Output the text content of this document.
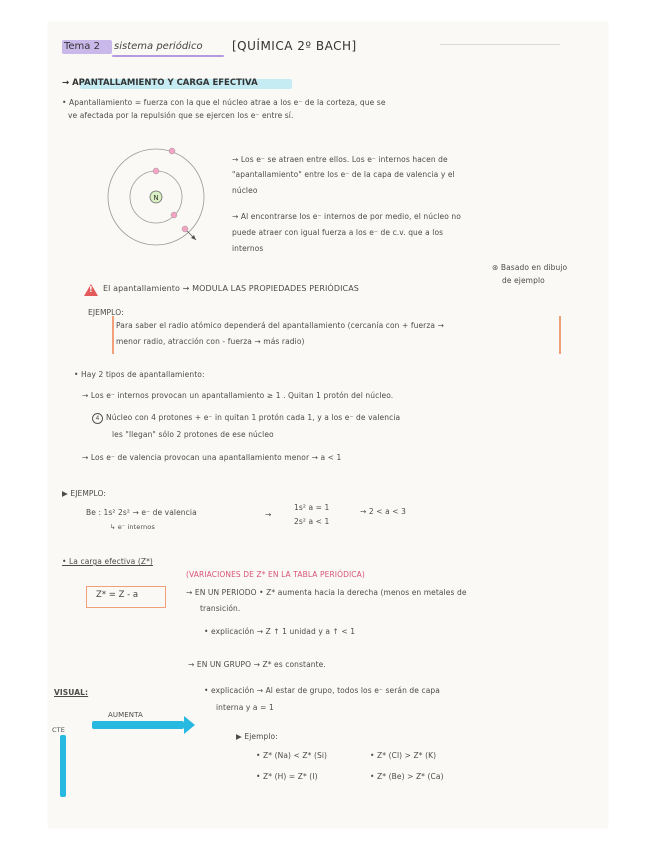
Tema 2 sistema periódico [QUÍMICA 2º BACH]
→ APANTALLAMIENTO Y CARGA EFECTIVA
• Apantallamiento = fuerza con la que el núcleo atrae a los e⁻ de la corteza, que se
ve afectada por la repulsión que se ejercen los e⁻ entre sí.
N
→ Los e⁻ se atraen entre ellos. Los e⁻ internos hacen de
"apantallamiento" entre los e⁻ de la capa de valencia y el
núcleo
→ Al encontrarse los e⁻ internos de por medio, el núcleo no
puede atraer con igual fuerza a los e⁻ de c.v. que a los
internos
⊛ Basado en dibujo
de ejemplo
!
El apantallamiento → MODULA LAS PROPIEDADES PERIÓDICAS
EJEMPLO:
Para saber el radio atómico dependerá del apantallamiento (cercanía con + fuerza →
menor radio, atracción con - fuerza → más radio)
• Hay 2 tipos de apantallamiento:
→ Los e⁻ internos provocan un apantallamiento ≥ 1 . Quitan 1 protón del núcleo.
4 Núcleo con 4 protones + e⁻ in quitan 1 protón cada 1, y a los e⁻ de valencia
les "llegan" sólo 2 protones de ese núcleo
→ Los e⁻ de valencia provocan una apantallamiento menor → a < 1
▶ EJEMPLO:
Be : 1s² 2s² → e⁻ de valencia
↳ e⁻ internos
→
1s² a = 1
2s² a < 1
→ 2 < a < 3
• La carga efectiva (Z*)
Z* = Z - a
(VARIACIONES DE Z* EN LA TABLA PERIÓDICA)
→ EN UN PERIODO • Z* aumenta hacia la derecha (menos en metales de
transición.
• explicación → Z ↑ 1 unidad y a ↑ < 1
→ EN UN GRUPO → Z* es constante.
• explicación → Al estar de grupo, todos los e⁻ serán de capa
interna y a = 1
▶ Ejemplo:
• Z* (Na) < Z* (Si)	• Z* (Cl) > Z* (K)
• Z* (H) = Z* (I)	• Z* (Be) > Z* (Ca)
VISUAL:
AUMENTA
CTE
